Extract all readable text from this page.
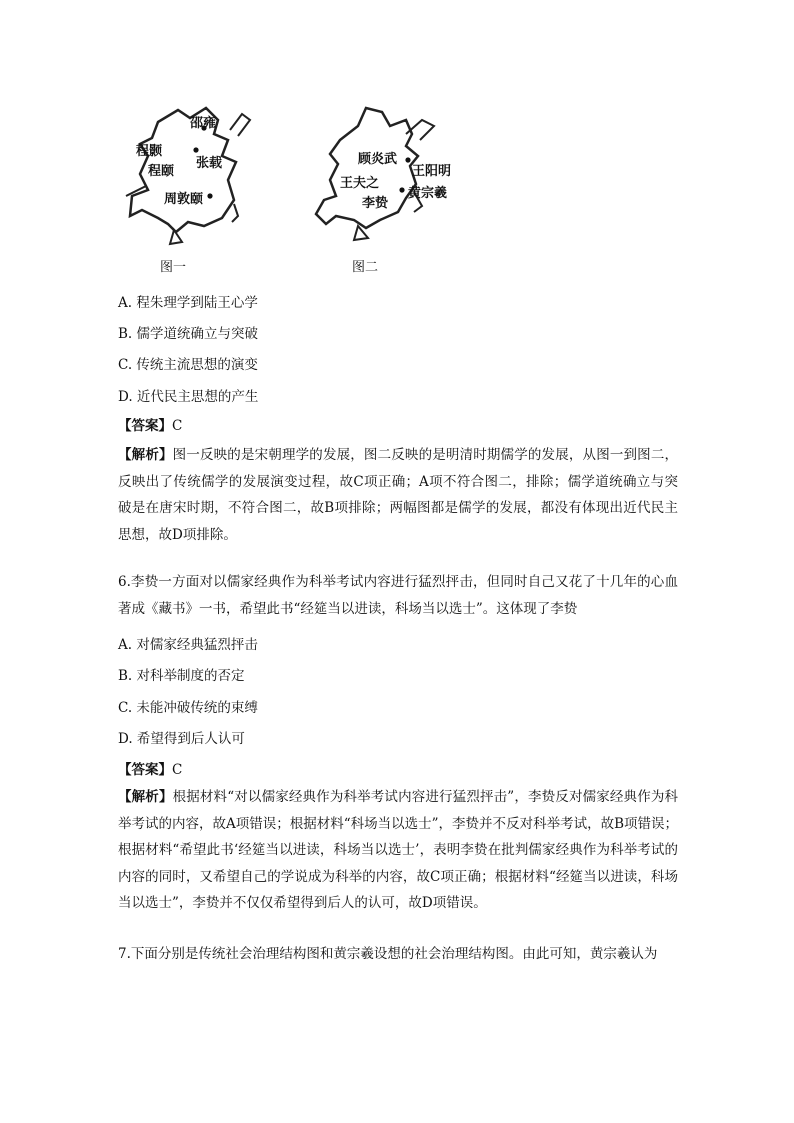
邵雍
程颢
程颐
张载
周敦颐
顾炎武
王阳明
王夫之
黄宗羲
李贽
图一	图二
A. 程朱理学到陆王心学
B. 儒学道统确立与突破
C. 传统主流思想的演变
D. 近代民主思想的产生
【答案】C
【解析】图一反映的是宋朝理学的发展，图二反映的是明清时期儒学的发展，从图一到图二，反映出了传统儒学的发展演变过程，故C项正确；A项不符合图二，排除；儒学道统确立与突破是在唐宋时期，不符合图二，故B项排除；两幅图都是儒学的发展，都没有体现出近代民主思想，故D项排除。
6.李贽一方面对以儒家经典作为科举考试内容进行猛烈抨击，但同时自己又花了十几年的心血著成《藏书》一书，希望此书“经筵当以进读，科场当以选士”。这体现了李贽
A. 对儒家经典猛烈抨击
B. 对科举制度的否定
C. 未能冲破传统的束缚
D. 希望得到后人认可
【答案】C
【解析】根据材料“对以儒家经典作为科举考试内容进行猛烈抨击”，李贽反对儒家经典作为科举考试的内容，故A项错误；根据材料“科场当以选士”，李贽并不反对科举考试，故B项错误；根据材料“希望此书‘经筵当以进读，科场当以选士’，表明李贽在批判儒家经典作为科举考试的内容的同时，又希望自己的学说成为科举的内容，故C项正确；根据材料“经筵当以进读，科场当以选士”，李贽并不仅仅希望得到后人的认可，故D项错误。
7.下面分别是传统社会治理结构图和黄宗羲设想的社会治理结构图。由此可知，黄宗羲认为
